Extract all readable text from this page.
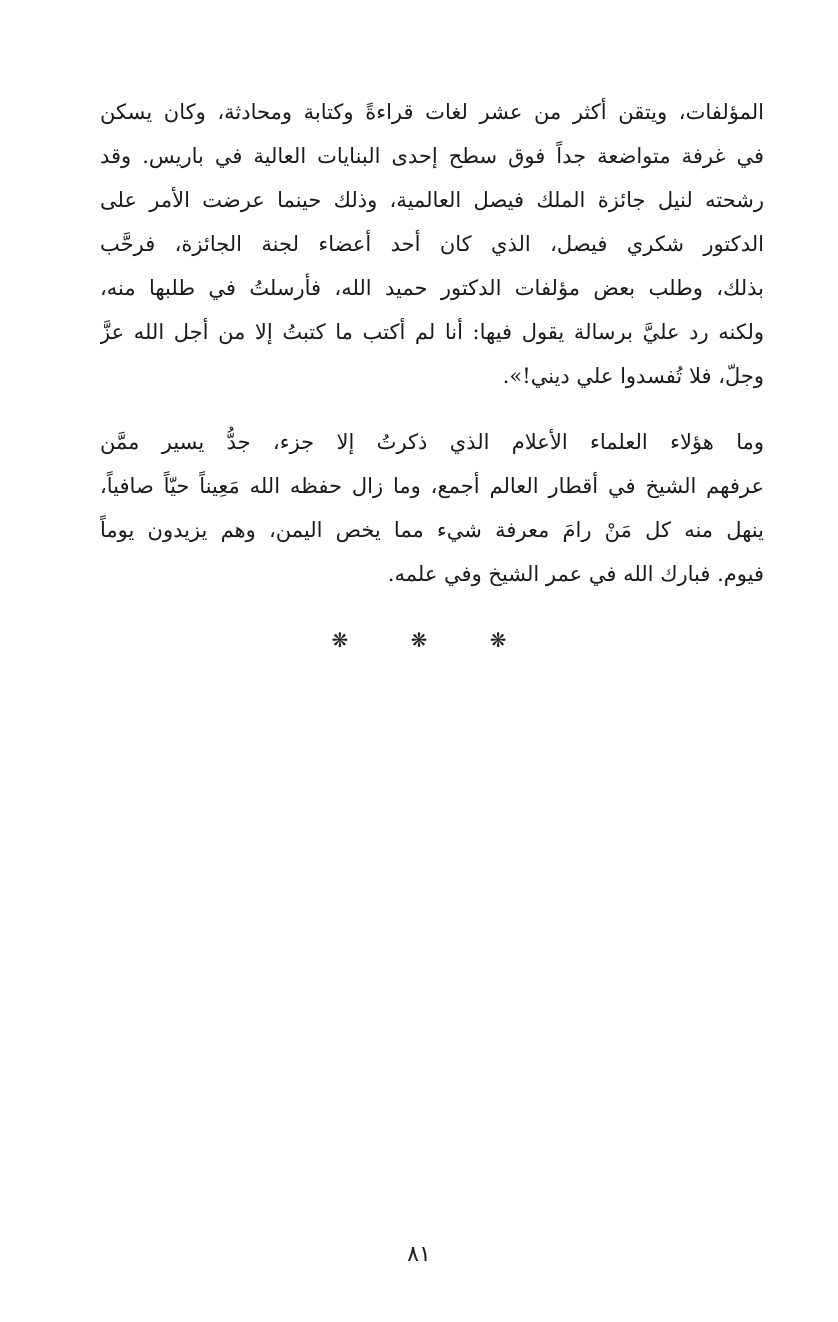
المؤلفات، ويتقن أكثر من عشر لغات قراءةً وكتابة ومحادثة، وكان يسكن
في غرفة متواضعة جداً فوق سطح إحدى البنايات العالية في باريس. وقد
رشحته لنيل جائزة الملك فيصل العالمية، وذلك حينما عرضت الأمر على
الدكتور شكري فيصل، الذي كان أحد أعضاء لجنة الجائزة، فرحَّب
بذلك، وطلب بعض مؤلفات الدكتور حميد الله، فأرسلتُ في طلبها منه،
ولكنه رد عليَّ برسالة يقول فيها: أنا لم أكتب ما كتبتُ إلا من أجل الله عزَّ
وجلّ، فلا تُفسدوا علي ديني!».
وما هؤلاء العلماء الأعلام الذي ذكرتُ إلا جزء، جدُّ يسير ممَّن
عرفهم الشيخ في أقطار العالم أجمع، وما زال حفظه الله مَعِيناً حيّاً صافياً،
ينهل منه كل مَنْ رامَ معرفة شيء مما يخص اليمن، وهم يزيدون يوماً
فيوم. فبارك الله في عمر الشيخ وفي علمه.
❋ ❋ ❋
٨١
